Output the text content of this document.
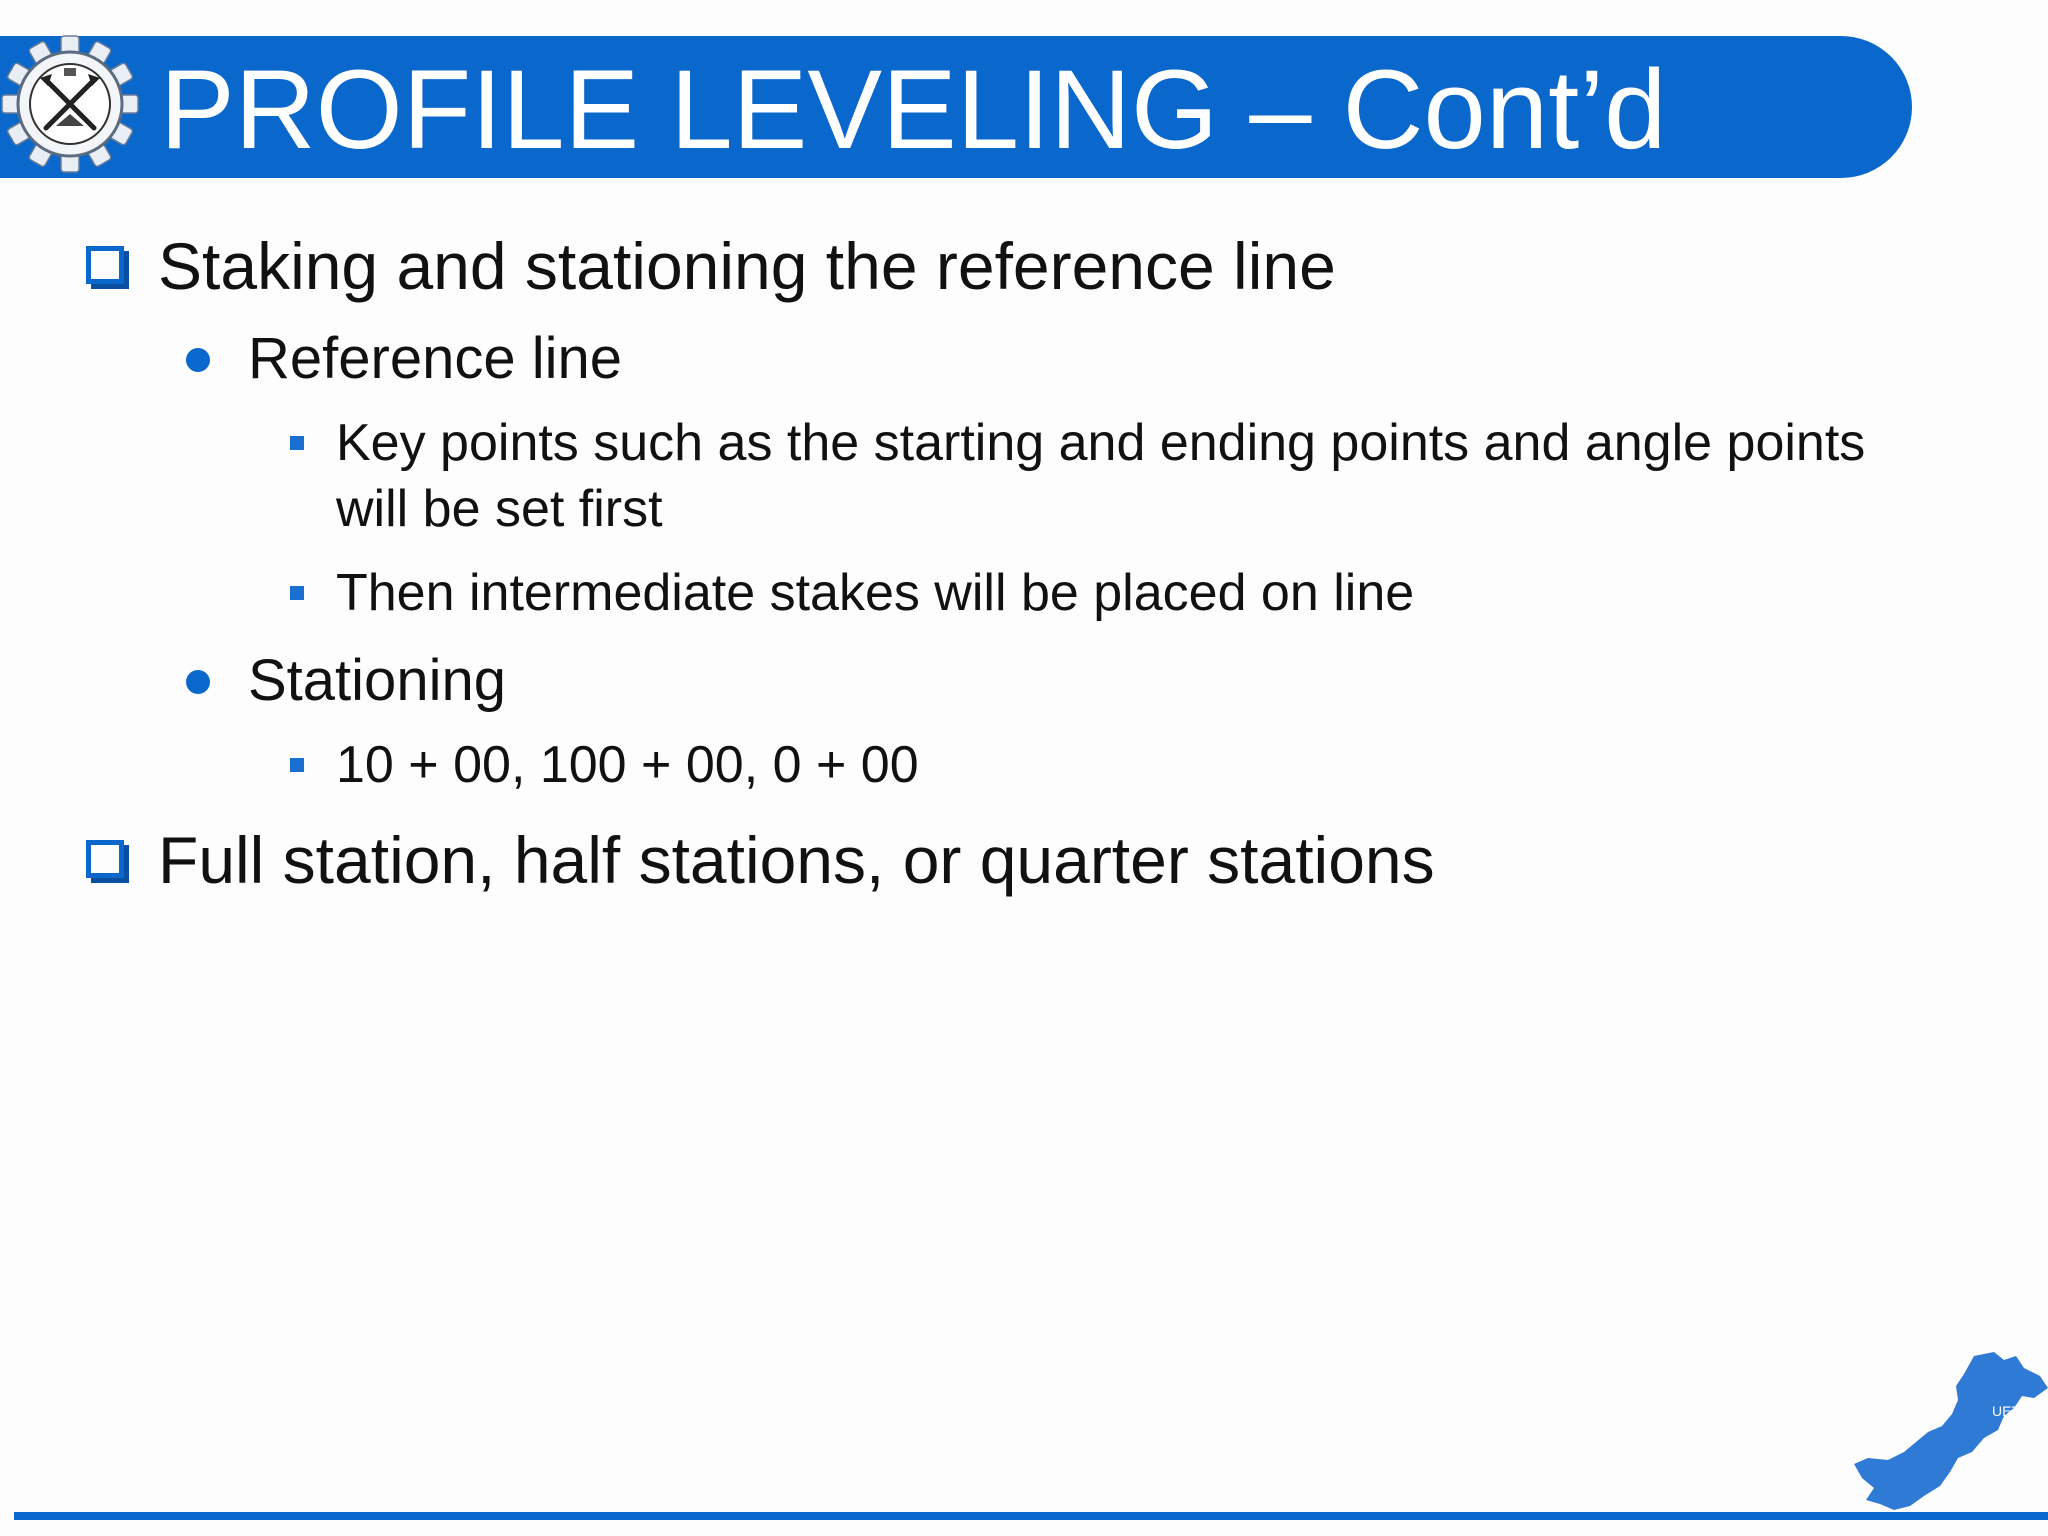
PROFILE LEVELING – Cont’d
Staking and stationing the reference line
Reference line
Key points such as the starting and ending points and angle points will be set first
Then intermediate stakes will be placed on line
Stationing
10 + 00, 100 + 00, 0 + 00
Full station, half stations, or quarter stations
UET
